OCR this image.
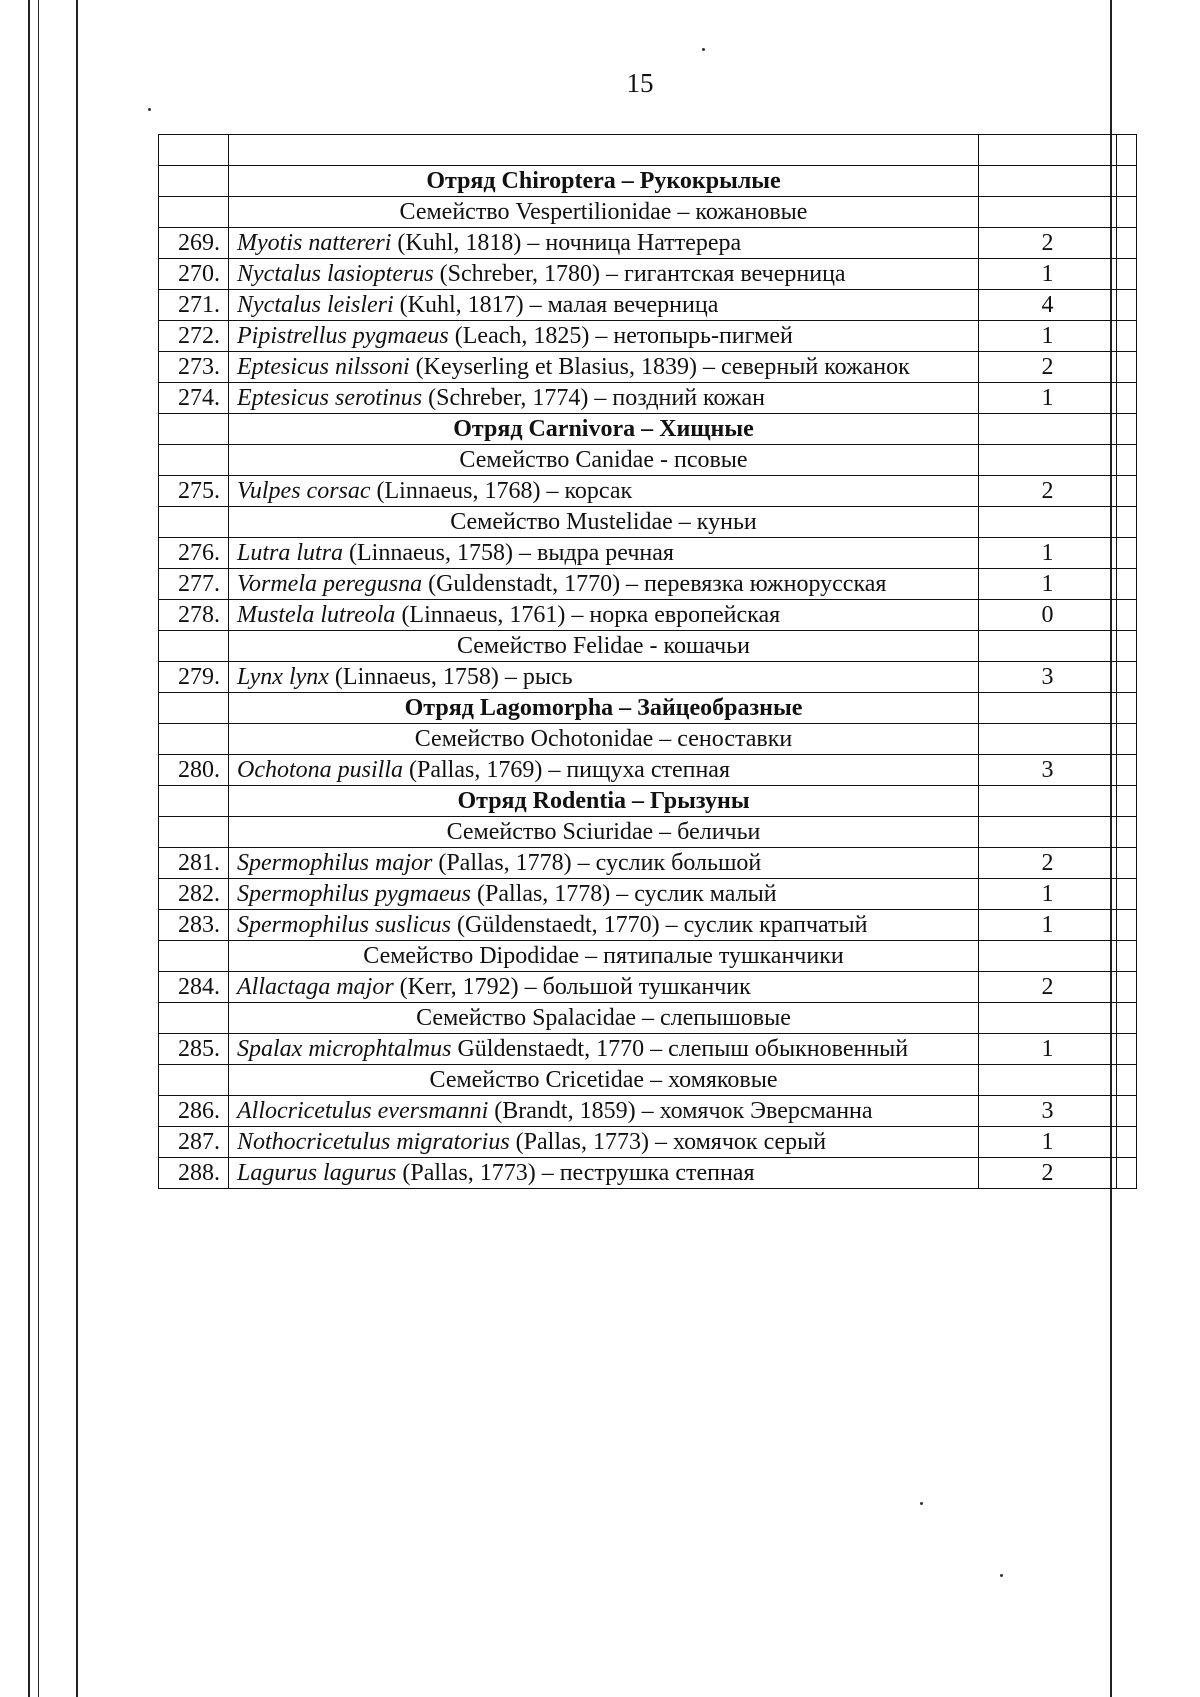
15

	Отряд Chiroptera – Рукокрылые		
	Семейство Vespertilionidae – кожановые		
269.	Myotis nattereri (Kuhl, 1818) – ночница Наттерера	2	
270.	Nyctalus lasiopterus (Schreber, 1780) – гигантская вечерница	1	
271.	Nyctalus leisleri (Kuhl, 1817) – малая вечерница	4	
272.	Pipistrellus pygmaeus (Leach, 1825) – нетопырь-пигмей	1	
273.	Eptesicus nilssoni (Keyserling et Blasius, 1839) – северный кожанок	2	
274.	Eptesicus serotinus (Schreber, 1774) – поздний кожан	1	
	Отряд Carnivora – Хищные		
	Семейство Canidae - псовые		
275.	Vulpes corsac (Linnaeus, 1768) – корсак	2	
	Семейство Mustelidae – куньи		
276.	Lutra lutra (Linnaeus, 1758) – выдра речная	1	
277.	Vormela peregusna (Guldenstadt, 1770) – перевязка южнорусская	1	
278.	Mustela lutreola (Linnaeus, 1761) – норка европейская	0	
	Семейство Felidae - кошачьи		
279.	Lynx lynx (Linnaeus, 1758) – рысь	3	
	Отряд Lagomorpha – Зайцеобразные		
	Семейство Ochotonidae – сеноставки		
280.	Ochotona pusilla (Pallas, 1769) – пищуха степная	3	
	Отряд Rodentia – Грызуны		
	Семейство Sciuridae – беличьи		
281.	Spermophilus major (Pallas, 1778) – суслик большой	2	
282.	Spermophilus pygmaeus (Pallas, 1778) – суслик малый	1	
283.	Spermophilus suslicus (Güldenstaedt, 1770) – суслик крапчатый	1	
	Семейство Dipodidae – пятипалые тушканчики		
284.	Allactaga major (Kerr, 1792) – большой тушканчик	2	
	Семейство Spalacidae – слепышовые		
285.	Spalax microphtalmus Güldenstaedt, 1770 – слепыш обыкновенный	1	
	Семейство Cricetidae – хомяковые		
286.	Allocricetulus eversmanni (Brandt, 1859) – хомячок Эверсманна	3	
287.	Nothocricetulus migratorius (Pallas, 1773) – хомячок серый	1	
288.	Lagurus lagurus (Pallas, 1773) – пеструшка степная	2	
